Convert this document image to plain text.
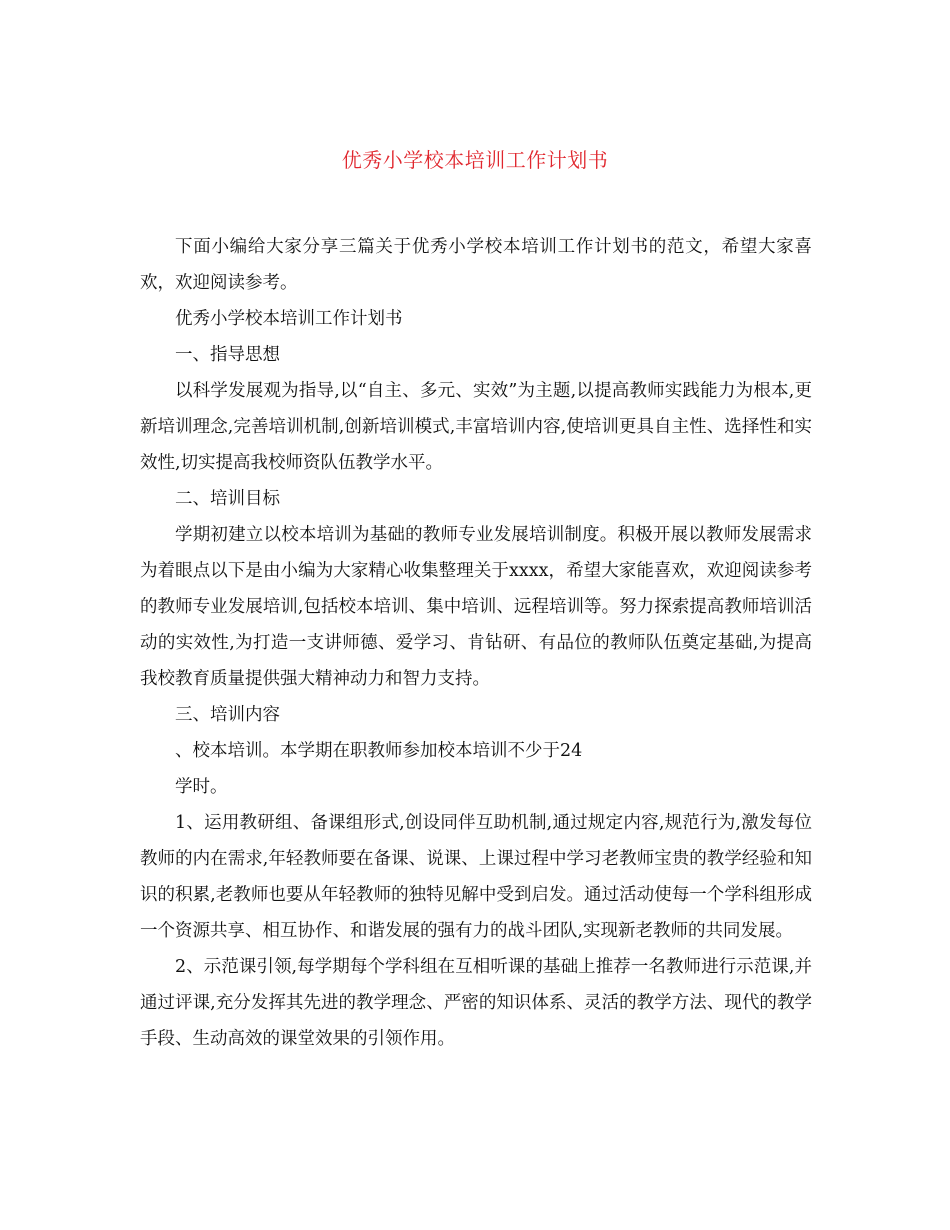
优秀小学校本培训工作计划书

下面小编给大家分享三篇关于优秀小学校本培训工作计划书的范文，希望大家喜欢，欢迎阅读参考。

优秀小学校本培训工作计划书

一、指导思想

以科学发展观为指导,以“自主、多元、实效”为主题,以提高教师实践能力为根本,更新培训理念,完善培训机制,创新培训模式,丰富培训内容,使培训更具自主性、选择性和实效性,切实提高我校师资队伍教学水平。

二、培训目标

学期初建立以校本培训为基础的教师专业发展培训制度。积极开展以教师发展需求为着眼点以下是由小编为大家精心收集整理关于xxxx，希望大家能喜欢，欢迎阅读参考的教师专业发展培训,包括校本培训、集中培训、远程培训等。努力探索提高教师培训活动的实效性,为打造一支讲师德、爱学习、肯钻研、有品位的教师队伍奠定基础,为提高我校教育质量提供强大精神动力和智力支持。

三、培训内容

、校本培训。本学期在职教师参加校本培训不少于24

学时。

1、运用教研组、备课组形式,创设同伴互助机制,通过规定内容,规范行为,激发每位教师的内在需求,年轻教师要在备课、说课、上课过程中学习老教师宝贵的教学经验和知识的积累,老教师也要从年轻教师的独特见解中受到启发。通过活动使每一个学科组形成一个资源共享、相互协作、和谐发展的强有力的战斗团队,实现新老教师的共同发展。

2、示范课引领,每学期每个学科组在互相听课的基础上推荐一名教师进行示范课,并通过评课,充分发挥其先进的教学理念、严密的知识体系、灵活的教学方法、现代的教学手段、生动高效的课堂效果的引领作用。
